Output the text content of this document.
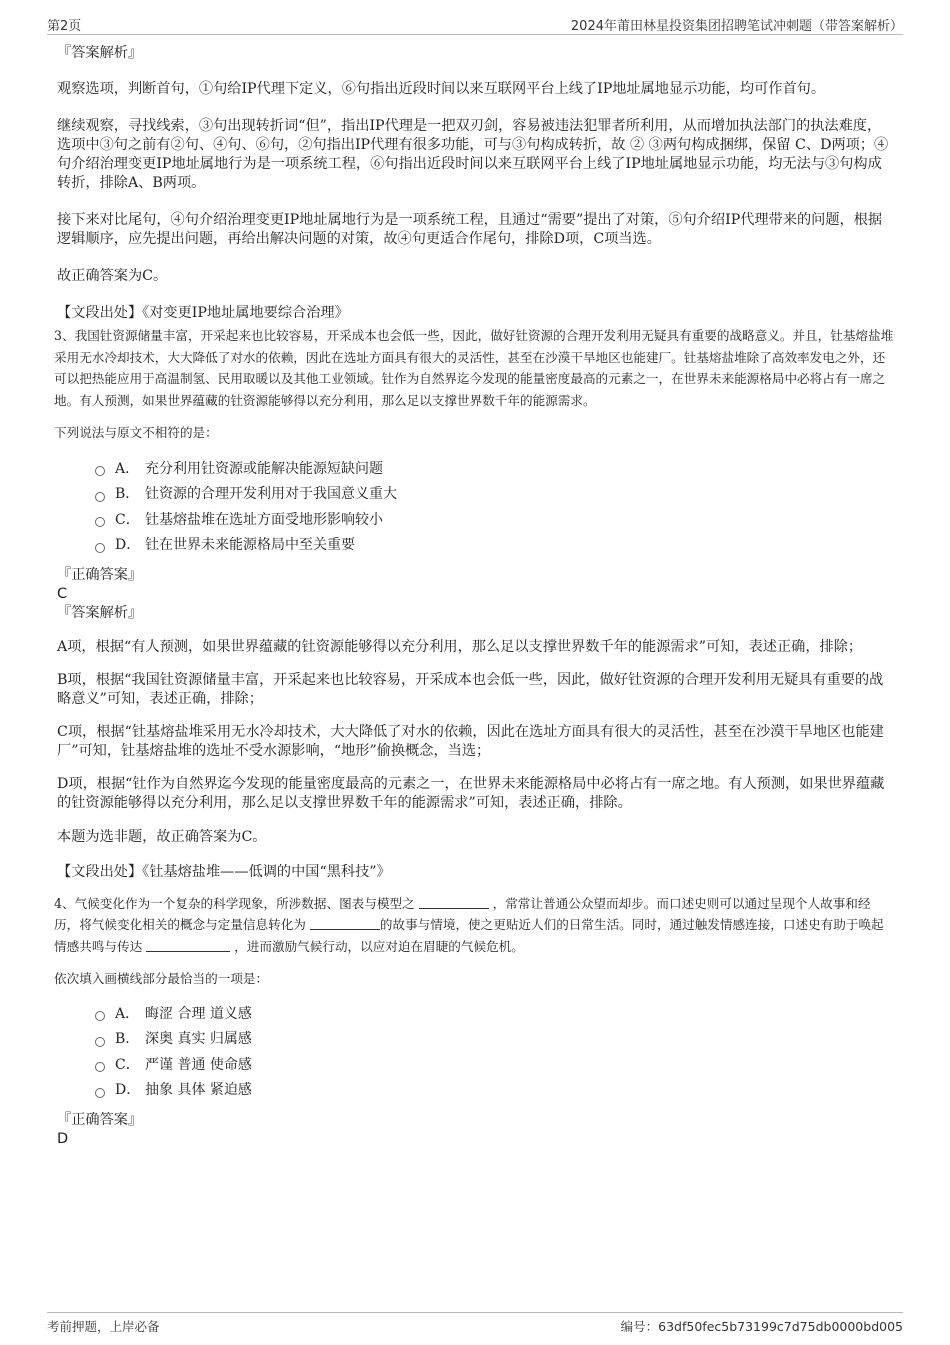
第2页	2024年莆田林星投资集团招聘笔试冲刺题（带答案解析）
『答案解析』

观察选项，判断首句，①句给IP代理下定义，⑥句指出近段时间以来互联网平台上线了IP地址属地显示功能，均可作首句。

继续观察，寻找线索，③句出现转折词“但”，指出IP代理是一把双刃剑，容易被违法犯罪者所利用，从而增加执法部门的执法难度，选项中③句之前有②句、④句、⑥句，②句指出IP代理有很多功能，可与③句构成转折，故 ② ③两句构成捆绑，保留 C、D两项；④句介绍治理变更IP地址属地行为是一项系统工程，⑥句指出近段时间以来互联网平台上线了IP地址属地显示功能，均无法与③句构成转折，排除A、B两项。

接下来对比尾句，④句介绍治理变更IP地址属地行为是一项系统工程，且通过“需要”提出了对策，⑤句介绍IP代理带来的问题，根据逻辑顺序，应先提出问题，再给出解决问题的对策，故④句更适合作尾句，排除D项，C项当选。

故正确答案为C。

【文段出处】《对变更IP地址属地要综合治理》

3、我国钍资源储量丰富，开采起来也比较容易，开采成本也会低一些，因此，做好钍资源的合理开发利用无疑具有重要的战略意义。并且，钍基熔盐堆采用无水冷却技术，大大降低了对水的依赖，因此在选址方面具有很大的灵活性，甚至在沙漠干旱地区也能建厂。钍基熔盐堆除了高效率发电之外，还可以把热能应用于高温制氢、民用取暖以及其他工业领域。钍作为自然界迄今发现的能量密度最高的元素之一，在世界未来能源格局中必将占有一席之地。有人预测，如果世界蕴藏的钍资源能够得以充分利用，那么足以支撑世界数千年的能源需求。

下列说法与原文不相符的是：

A． 充分利用钍资源或能解决能源短缺问题
B． 钍资源的合理开发利用对于我国意义重大
C． 钍基熔盐堆在选址方面受地形影响较小
D． 钍在世界未来能源格局中至关重要
『正确答案』
C
『答案解析』

A项，根据“有人预测，如果世界蕴藏的钍资源能够得以充分利用，那么足以支撑世界数千年的能源需求”可知，表述正确，排除；

B项，根据“我国钍资源储量丰富，开采起来也比较容易，开采成本也会低一些，因此，做好钍资源的合理开发利用无疑具有重要的战略意义”可知，表述正确，排除；

C项，根据“钍基熔盐堆采用无水冷却技术，大大降低了对水的依赖，因此在选址方面具有很大的灵活性，甚至在沙漠干旱地区也能建厂”可知，钍基熔盐堆的选址不受水源影响，“地形”偷换概念，当选；

D项，根据“钍作为自然界迄今发现的能量密度最高的元素之一，在世界未来能源格局中必将占有一席之地。有人预测，如果世界蕴藏的钍资源能够得以充分利用，那么足以支撑世界数千年的能源需求”可知，表述正确，排除。

本题为选非题，故正确答案为C。

【文段出处】《钍基熔盐堆——低调的中国“黑科技”》

4、气候变化作为一个复杂的科学现象，所涉数据、图表与模型之	，常常让普通公众望而却步。而口述史则可以通过呈现个人故事和经历，将气候变化相关的概念与定量信息转化为	的故事与情境，使之更贴近人们的日常生活。同时，通过触发情感连接，口述史有助于唤起情感共鸣与传达	，进而激励气候行动，以应对迫在眉睫的气候危机。

依次填入画横线部分最恰当的一项是：

A． 晦涩 合理 道义感
B． 深奥 真实 归属感
C． 严谨 普通 使命感
D． 抽象 具体 紧迫感
『正确答案』
D
考前押题，上岸必备	编号：63df50fec5b73199c7d75db0000bd005
